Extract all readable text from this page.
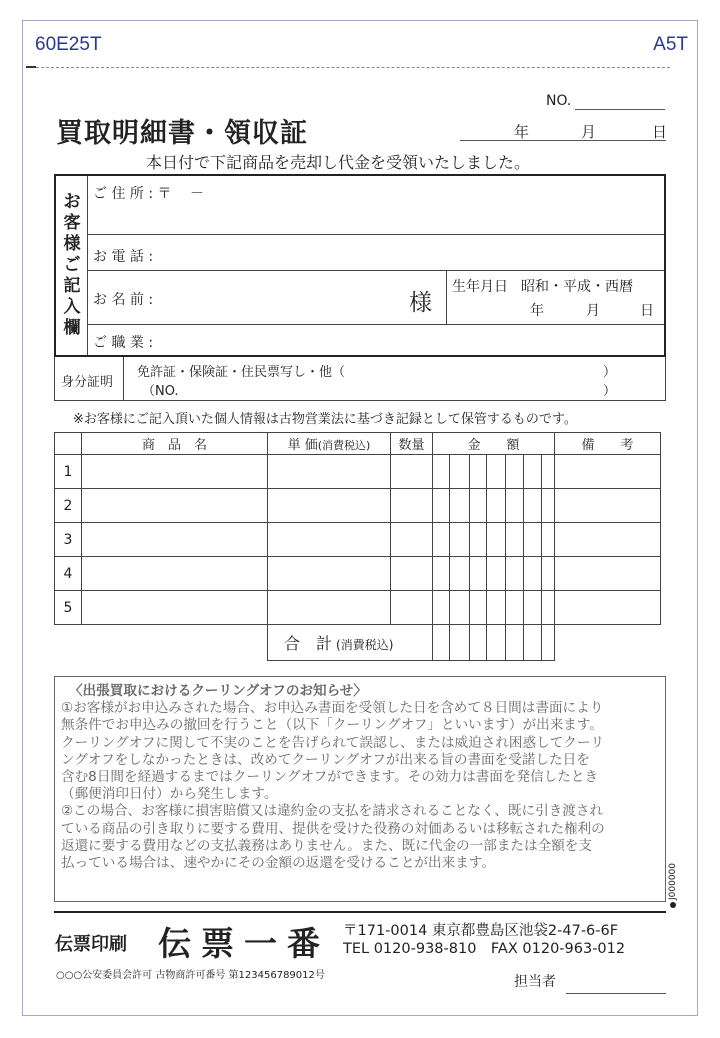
60E25T	A5T
買取明細書・領収証
NO.
年	月	日
本日付で下記商品を売却し代金を受領いたしました。
お
客
様
ご
記
入
欄
ご 住 所 : 〒　 －
お 電 話 :
お 名 前 :	様
生年月日 昭和・平成・西暦
年	月	日
ご 職 業 :
身分証明
免許証・保険証・住民票写し・他（	）
（NO.	）
※お客様にご記入頂いた個人情報は古物営業法に基づき記録として保管するものです。
	商　品　名	単 価(消費税込)	数量	金　　額	備　　考
1				

2				

3				

4				

5				

		合　計 (消費税込)		

〈出張買取におけるクーリングオフのお知らせ〉

①お客様がお申込みされた場合、お申込み書面を受領した日を含めて８日間は書面により

無条件でお申込みの撤回を行うこと（以下「クーリングオフ」といいます）が出来ます。

クーリングオフに関して不実のことを告げられて誤認し、または威迫され困惑してクーリ

ングオフをしなかったときは、改めてクーリングオフが出来る旨の書面を受諾した日を

含む8日間を経過するまではクーリングオフができます。その効力は書面を発信したとき

（郵便消印日付）から発生します。

②この場合、お客様に損害賠償又は違約金の支払を請求されることなく、既に引き渡され

ている商品の引き取りに要する費用、提供を受けた役務の対価あるいは移転された権利の

返還に要する費用などの支払義務はありません。また、既に代金の一部または全額を支

払っている場合は、速やかにその金額の返還を受けることが出来ます。	J000000
伝票印刷 伝票一番 〒171-0014 東京都豊島区池袋2-47-6-6F
TEL 0120-938-810　FAX 0120-963-012
○○○公安委員会許可 古物商許可番号 第123456789012号	担当者
